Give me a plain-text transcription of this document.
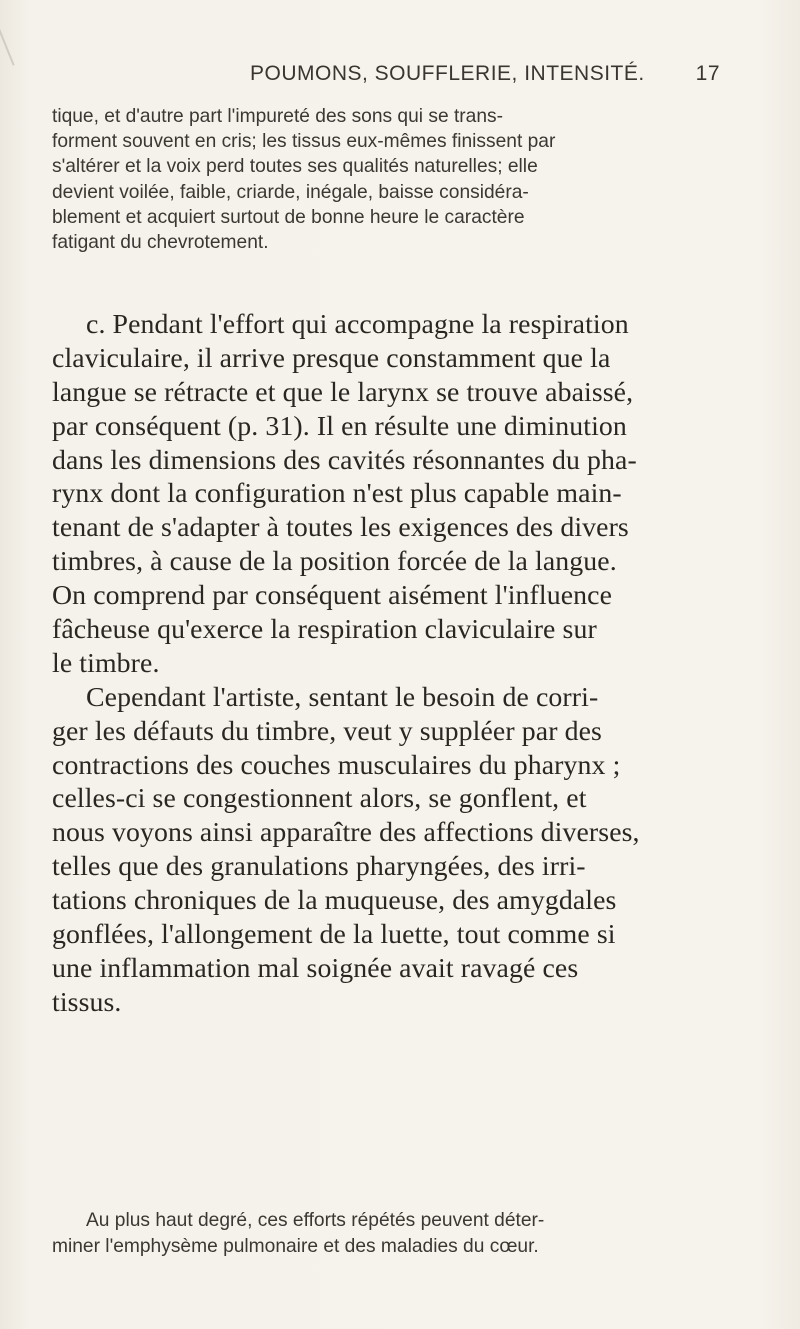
POUMONS, SOUFFLERIE, INTENSITÉ. 17
tique, et d'autre part l'impureté des sons qui se trans-
forment souvent en cris; les tissus eux-mêmes finissent par
s'altérer et la voix perd toutes ses qualités naturelles; elle
devient voilée, faible, criarde, inégale, baisse considéra-
blement et acquiert surtout de bonne heure le caractère
fatigant du chevrotement.
c. Pendant l'effort qui accompagne la respiration
claviculaire, il arrive presque constamment que la
langue se rétracte et que le larynx se trouve abaissé,
par conséquent (p. 31). Il en résulte une diminution
dans les dimensions des cavités résonnantes du pha-
rynx dont la configuration n'est plus capable main-
tenant de s'adapter à toutes les exigences des divers
timbres, à cause de la position forcée de la langue.
On comprend par conséquent aisément l'influence
fâcheuse qu'exerce la respiration claviculaire sur
le timbre.
Cependant l'artiste, sentant le besoin de corri-
ger les défauts du timbre, veut y suppléer par des
contractions des couches musculaires du pharynx ;
celles-ci se congestionnent alors, se gonflent, et
nous voyons ainsi apparaître des affections diverses,
telles que des granulations pharyngées, des irri-
tations chroniques de la muqueuse, des amygdales
gonflées, l'allongement de la luette, tout comme si
une inflammation mal soignée avait ravagé ces
tissus.
Au plus haut degré, ces efforts répétés peuvent déter-
miner l'emphysème pulmonaire et des maladies du cœur.
